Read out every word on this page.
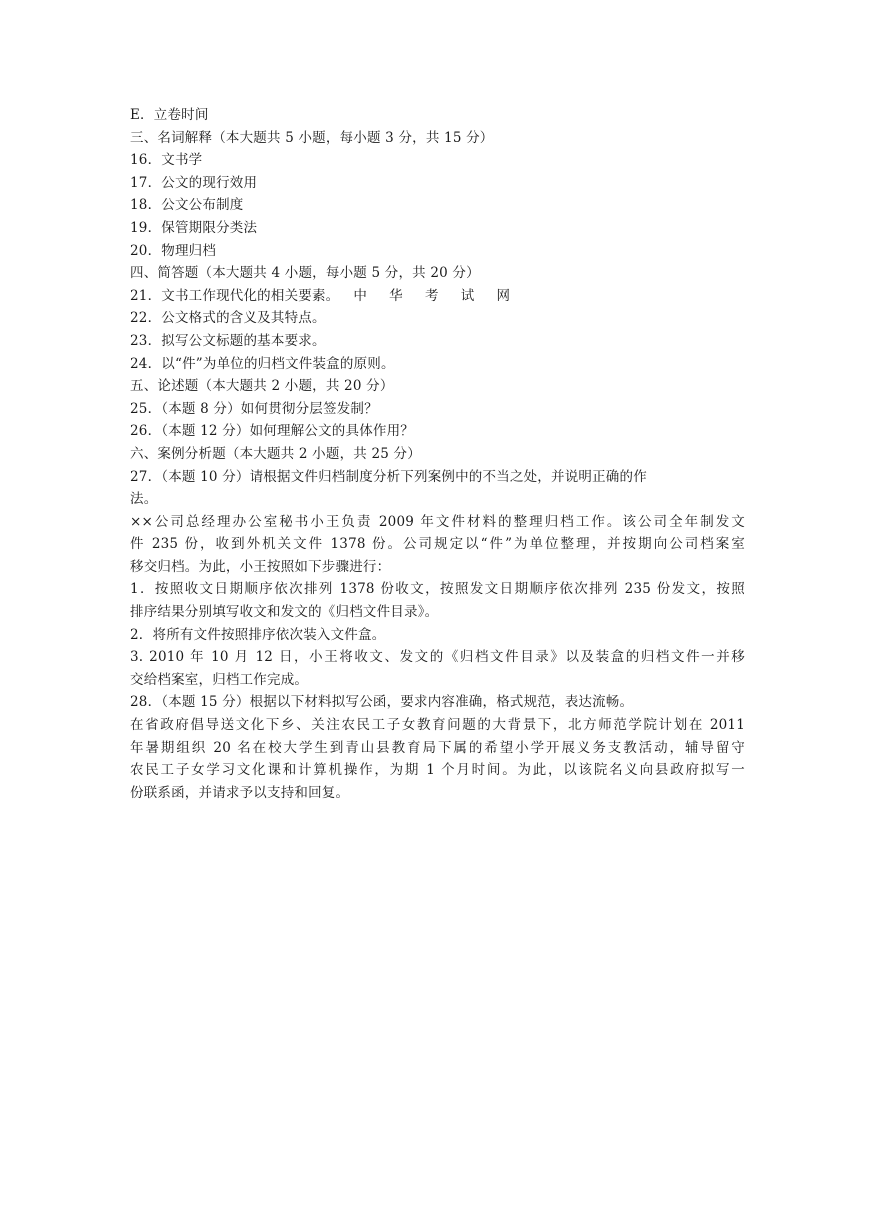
E．立卷时间
三、名词解释（本大题共 5 小题，每小题 3 分，共 15 分）
16．文书学
17．公文的现行效用
18．公文公布制度
19．保管期限分类法
20．物理归档
四、简答题（本大题共 4 小题，每小题 5 分，共 20 分）
21．文书工作现代化的相关要素。 中 华 考 试 网
22．公文格式的含义及其特点。
23．拟写公文标题的基本要求。
24．以“件”为单位的归档文件装盒的原则。
五、论述题（本大题共 2 小题，共 20 分）
25．（本题 8 分）如何贯彻分层签发制？
26．（本题 12 分）如何理解公文的具体作用？
六、案例分析题（本大题共 2 小题，共 25 分）
27．（本题 10 分）请根据文件归档制度分析下列案例中的不当之处，并说明正确的作
法。
××公司总经理办公室秘书小王负责 2009 年文件材料的整理归档工作。该公司全年制发文
件 235 份，收到外机关文件 1378 份。公司规定以“件”为单位整理，并按期向公司档案室
移交归档。为此，小王按照如下步骤进行：
1．按照收文日期顺序依次排列 1378 份收文，按照发文日期顺序依次排列 235 份发文，按照
排序结果分别填写收文和发文的《归档文件目录》。
2．将所有文件按照排序依次装入文件盒。
3. 2010 年 10 月 12 日，小王将收文、发文的《归档文件目录》以及装盒的归档文件一并移
交给档案室，归档工作完成。
28．（本题 15 分）根据以下材料拟写公函，要求内容准确，格式规范，表达流畅。
在省政府倡导送文化下乡、关注农民工子女教育问题的大背景下，北方师范学院计划在 2011
年暑期组织 20 名在校大学生到青山县教育局下属的希望小学开展义务支教活动，辅导留守
农民工子女学习文化课和计算机操作，为期 1 个月时间。为此，以该院名义向县政府拟写一
份联系函，并请求予以支持和回复。
